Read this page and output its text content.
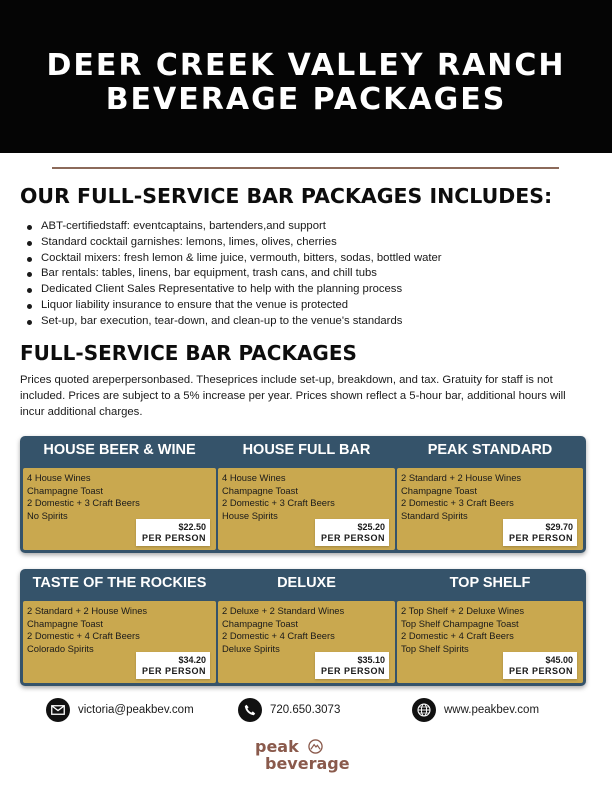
DEER CREEK VALLEY RANCH
BEVERAGE PACKAGES
OUR FULL-SERVICE BAR PACKAGES INCLUDES:
ABT-certifiedstaff: eventcaptains, bartenders,and support
Standard cocktail garnishes: lemons, limes, olives, cherries
Cocktail mixers: fresh lemon & lime juice, vermouth, bitters, sodas, bottled water
Bar rentals: tables, linens, bar equipment, trash cans, and chill tubs
Dedicated Client Sales Representative to help with the planning process
Liquor liability insurance to ensure that the venue is protected
Set-up, bar execution, tear-down, and clean-up to the venue's standards
FULL-SERVICE BAR PACKAGES

Prices quoted areperpersonbased. Theseprices include set-up, breakdown, and tax. Gratuity for staff is not included. Prices are subject to a 5% increase per year. Prices shown reflect a 5-hour bar, additional hours will incur additional charges.

HOUSE BEER & WINE
4 House Wines
Champagne Toast
2 Domestic + 3 Craft Beers
No Spirits
$22.50
PER PERSON
HOUSE FULL BAR
4 House Wines
Champagne Toast
2 Domestic + 3 Craft Beers
House Spirits
$25.20
PER PERSON
PEAK STANDARD
2 Standard + 2 House Wines
Champagne Toast
2 Domestic + 3 Craft Beers
Standard Spirits
$29.70
PER PERSON
TASTE OF THE ROCKIES
2 Standard + 2 House Wines
Champagne Toast
2 Domestic + 4 Craft Beers
Colorado Spirits
$34.20
PER PERSON
DELUXE
2 Deluxe + 2 Standard Wines
Champagne Toast
2 Domestic + 4 Craft Beers
Deluxe Spirits
$35.10
PER PERSON
TOP SHELF
2 Top Shelf + 2 Deluxe Wines
Top Shelf Champagne Toast
2 Domestic + 4 Craft Beers
Top Shelf Spirits
$45.00
PER PERSON
victoria@peakbev.com	720.650.3073	www.peakbev.com
peak
beverage
